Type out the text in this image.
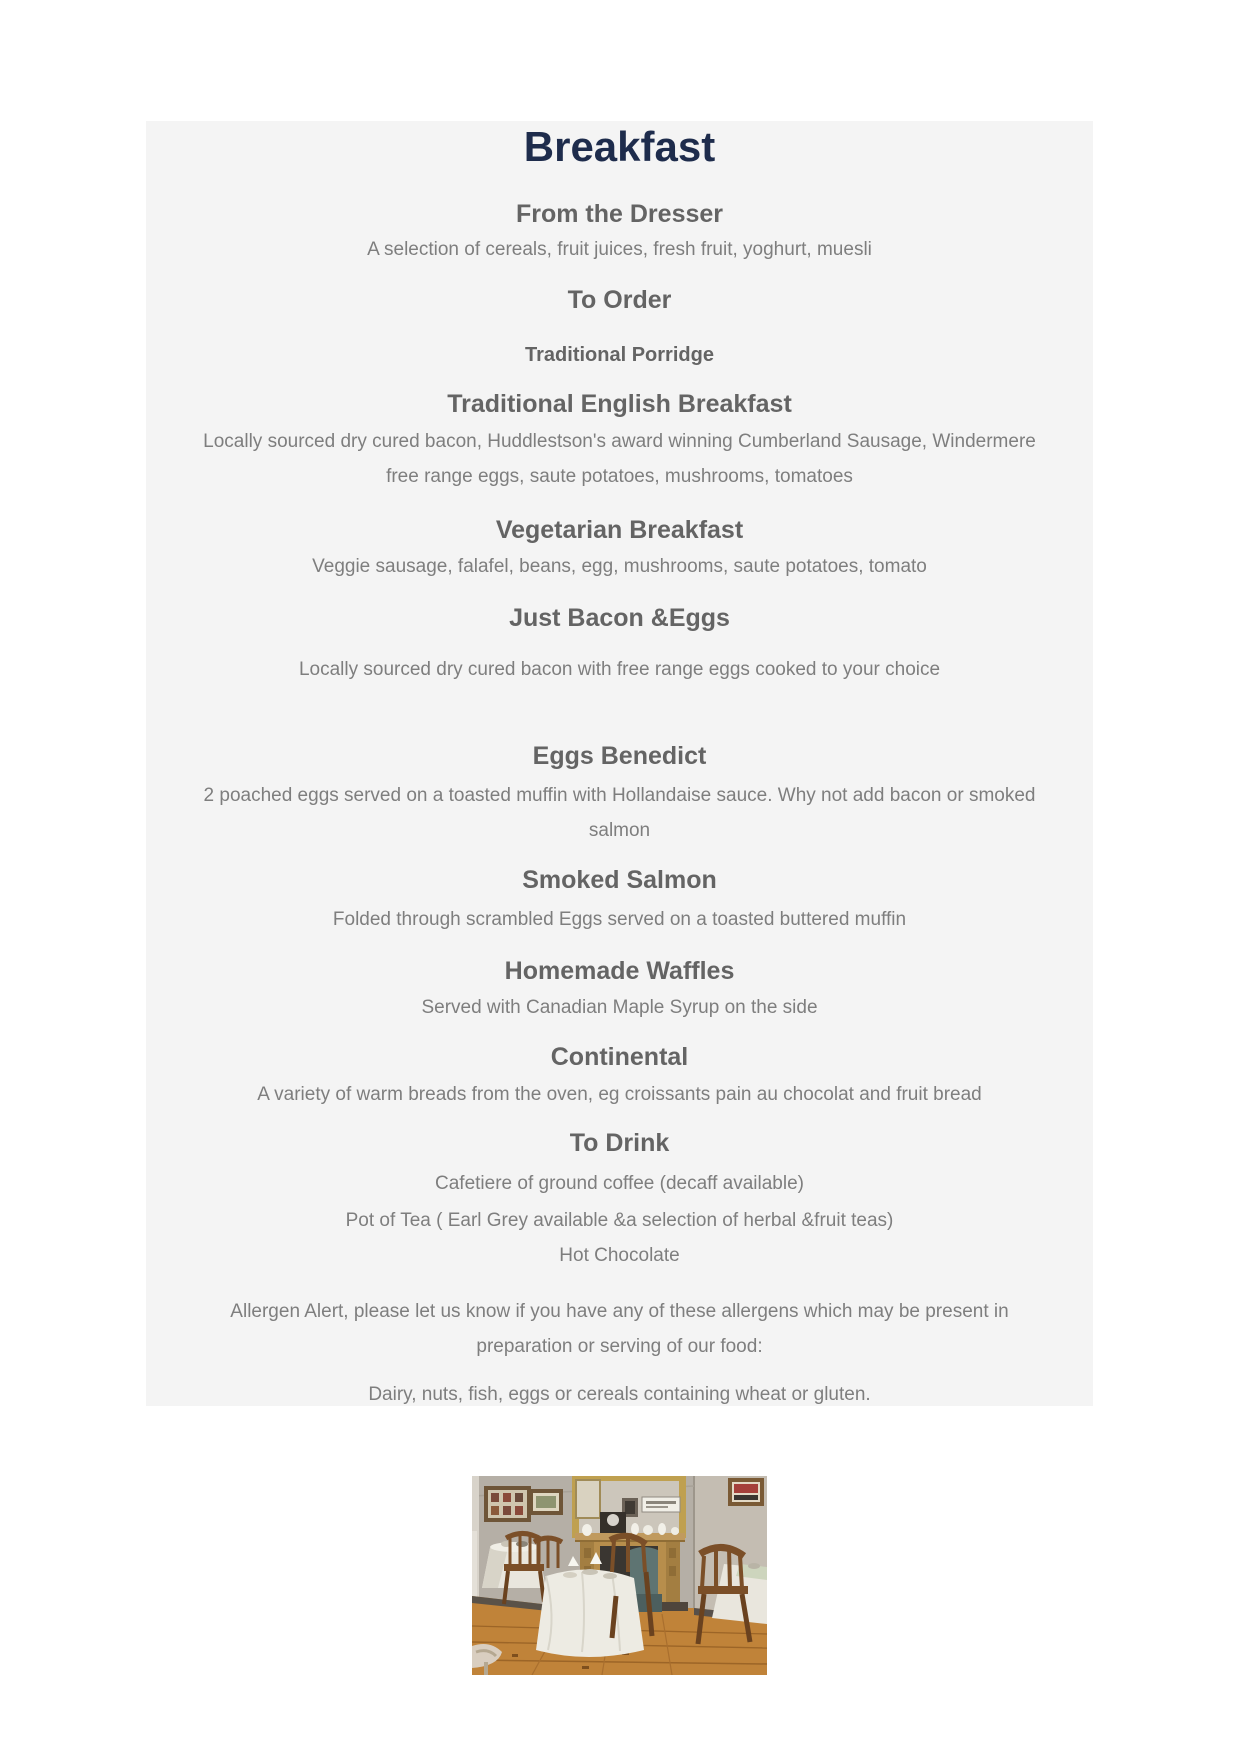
Breakfast
From the Dresser
A selection of cereals, fruit juices, fresh fruit, yoghurt, muesli
To Order
Traditional Porridge
Traditional English Breakfast
Locally sourced dry cured bacon, Huddlestson's award winning Cumberland Sausage, Windermere free range eggs, saute potatoes, mushrooms, tomatoes
Vegetarian Breakfast
Veggie sausage, falafel, beans, egg, mushrooms, saute potatoes, tomato
Just Bacon &Eggs
Locally sourced dry cured bacon with free range eggs cooked to your choice
Eggs Benedict
2 poached eggs served on a toasted muffin with Hollandaise sauce. Why not add bacon or smoked salmon
Smoked Salmon
Folded through scrambled Eggs served on a toasted buttered muffin
Homemade Waffles
Served with Canadian Maple Syrup on the side
Continental
A variety of warm breads from the oven, eg croissants pain au chocolat and fruit bread
To Drink
Cafetiere of ground coffee (decaff available)
Pot of Tea ( Earl Grey available &a selection of herbal &fruit teas)
Hot Chocolate
Allergen Alert, please let us know if you have any of these allergens which may be present in preparation or serving of our food:
Dairy, nuts, fish, eggs or cereals containing wheat or gluten.
